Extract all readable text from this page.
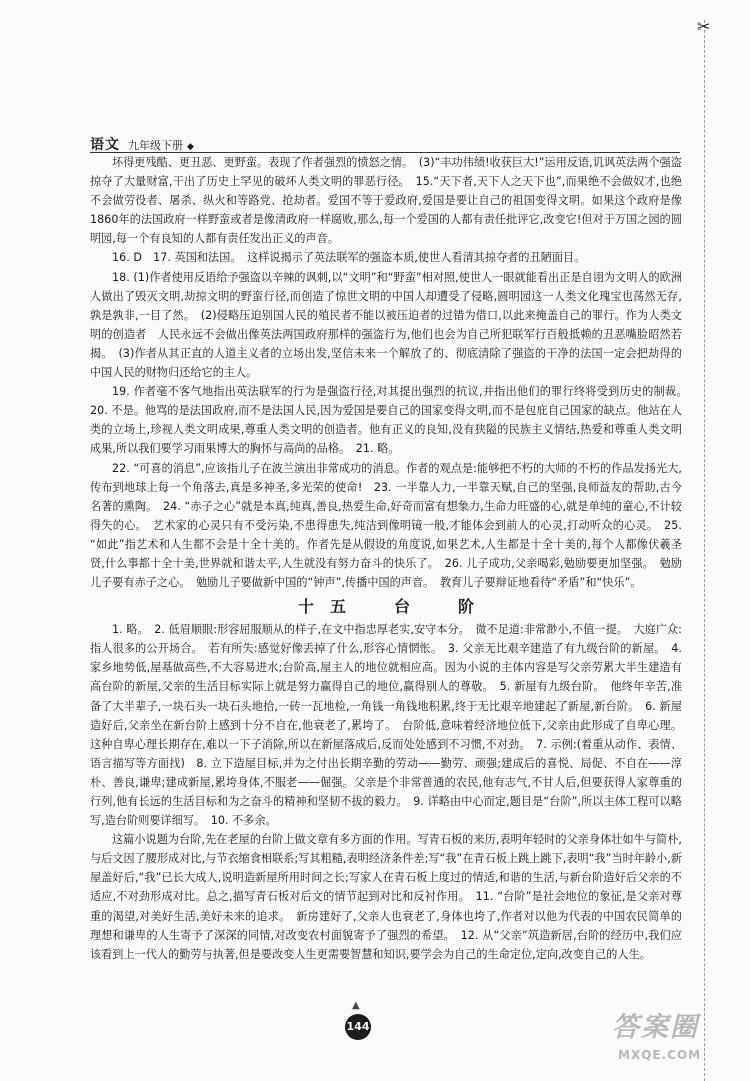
✂
语文 九年级下册 ◆

坏得更残酷、更丑恶、更野蛮。表现了作者强烈的愤怒之情。　(3)“丰功伟绩!收获巨大!”运用反语,讥讽英法两个强盗掠夺了大量财富,干出了历史上罕见的破坏人类文明的罪恶行径。　15.“天下者,天下人之天下也”,而果绝不会做奴才,也绝不会做劳役者、屠杀、纵火和等路党、抢劫者。爱国不等于爱政府,爱国是要让自己的祖国变得文明。如果这个政府是像1860年的法国政府一样野蛮或者是像清政府一样腐败,那么,每一个爱国的人都有责任批评它,改变它!但对于万国之园的圆明园,每一个有良知的人都有责任发出正义的声音。

16. D　17. 英国和法国。　这样说揭示了英法联军的强盗本质,使世人看清其掠夺者的丑陋面目。

18. (1)作者使用反语给予强盗以辛辣的讽刺,以“文明”和“野蛮”相对照,使世人一眼就能看出正是自诩为文明人的欧洲人做出了毁灭文明,劫掠文明的野蛮行径,而创造了惊世文明的中国人却遭受了侵略,圆明园这一人类文化瑰宝也荡然无存,孰是孰非,一目了然。　(2)侵略压迫别国人民的殖民者不能以被压迫者的过错为借口,以此来掩盖自己的罪行。作为人类文明的创造者　人民永远不会做出像英法两国政府那样的强盗行为,他们也会为自己所犯联军行百般抵赖的丑恶嘴脸昭然若揭。　(3)作者从其正直的人道主义者的立场出发,坚信未来一个解放了的、彻底清除了强盗的干净的法国一定会把劫得的中国人民的财物归还给它的主人。

19. 作者毫不客气地指出英法联军的行为是强盗行径,对其提出强烈的抗议,并指出他们的罪行终将受到历史的制裁。　20. 不是。他骂的是法国政府,而不是法国人民,因为爱国是要自己的国家变得文明,而不是包庇自己国家的缺点。他站在人类的立场上,珍视人类文明成果,尊重人类文明的创造者。他有正义的良知,没有狭隘的民族主义情结,热爱和尊重人类文明成果,所以我们要学习雨果博大的胸怀与高尚的品格。　21. 略。

22. “可喜的消息”,应该指儿子在波兰演出非常成功的消息。作者的观点是:能够把不朽的大师的不朽的作品发扬光大,传布到地球上每一个角落去,真是多神圣,多光荣的使命!　23. 一半靠人力,一半靠天赋,自己的坚强,良师益友的帮助,古今名著的熏陶。　24. “赤子之心”就是本真,纯真,善良,热爱生命,好奇而富有想象力,生命力旺盛的心,就是单纯的童心,不计较得失的心。　艺术家的心灵只有不受污染,不患得患失,纯洁到像明镜一般,才能体会到前人的心灵,打动听众的心灵。　25. “如此”指艺术和人生都不会是十全十美的。作者先是从假设的角度说,如果艺术,人生都是十全十美的,每个人都像伏羲圣贤,什么事都十全十美,世界就和谐太平,人生就没有努力奋斗的快乐了。　26. 儿子成功,父亲喝彩,勉励要更加坚强。　勉励儿子要有赤子之心。　勉励儿子要做新中国的“钟声”,传播中国的声音。　教育儿子要辩证地看待“矛盾”和“快乐”。

十五　台　阶

1. 略。　2. 低眉顺眼:形容屈服顺从的样子,在文中指忠厚老实,安守本分。　微不足道:非常渺小,不值一提。　大庭广众:指人很多的公开场合。　若有所失:感觉好像丢掉了什么,形容心情惘怅。　3. 父亲无比艰辛建造了有九级台阶的新屋。　4. 家乡地势低,屋基做高些,不大容易进水;台阶高,屋主人的地位就相应高。因为小说的主体内容是写父亲劳累大半生建造有高台阶的新屋,父亲的生活目标实际上就是努力赢得自己的地位,赢得别人的尊敬。　5. 新屋有九级台阶。　他终年辛苦,准备了大半辈子,一块石头一块石头地拾,一砖一瓦地检,一角钱一角钱地积累,终于无比艰辛地建起了新屋,新台阶。　6. 新屋造好后,父亲坐在新台阶上感到十分不自在,他衰老了,累垮了。　台阶低,意味着经济地位低下,父亲由此形成了自卑心理。这种自卑心理长期存在,难以一下子消除,所以在新屋落成后,反而处处感到不习惯,不对劲。　7. 示例:(着重从动作、表情、语言描写等方面找)　8. 立下造屋目标,并为之付出长期辛勤的劳动——勤劳、顽强;建成后的喜悦、局促、不自在——淳朴、善良,谦卑;建成新屋,累垮身体,不服老——倔强。父亲是个非常普通的农民,他有志气,不甘人后,但要获得人家尊重的行列,他有长远的生活目标和为之奋斗的精神和坚韧不拔的毅力。　9. 详略由中心而定,题目是“台阶”,所以主体工程可以略写,造台阶则要详细写。　10. 不多余。

这篇小说题为台阶,先在老屋的台阶上做文章有多方面的作用。写青石板的来历,表明年轻时的父亲身体壮如牛与简朴,与后文因了腰形成对比,与节衣缩食相联系;写其粗糙,表明经济条件差;写“我”在青石板上跳上跳下,表明“我”当时年龄小,新屋盖好后,“我”已长大成人,说明造新屋所用时间之长;写家人在青石板上度过的情适,和谐的生活,与新台阶造好后父亲的不适应,不对劲形成对比。总之,描写青石板对后文的情节起到对比和反衬作用。　11. “台阶”是社会地位的象征,是父亲对尊重的渴望,对美好生活,美好未来的追求。　新房建好了,父亲人也衰老了,身体也垮了,作者对以他为代表的中国农民简单的理想和谦卑的人生寄予了深深的同情,对改变农村面貌寄予了强烈的希望。　12. 从“父亲”筑造新居,台阶的经历中,我们应该看到上一代人的勤劳与执著,但是要改变人生更需要智慧和知识,要学会为自己的生命定位,定向,改变自己的人生。

▲
144	答案圈
MXQE.COM
